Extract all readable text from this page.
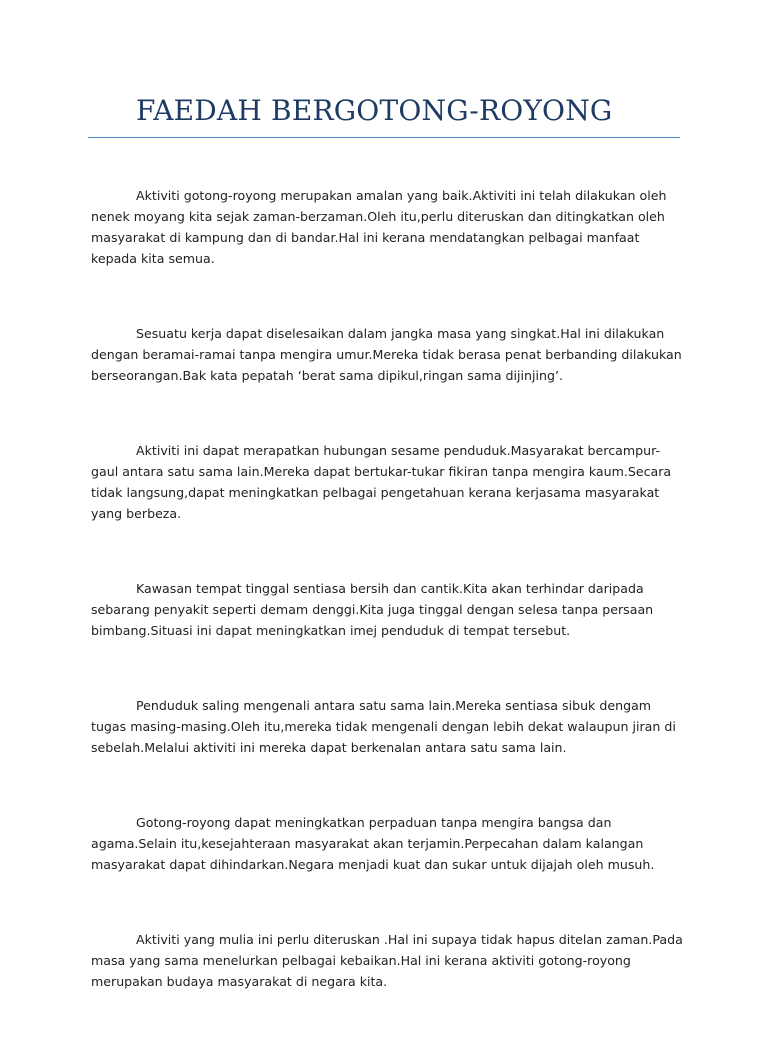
FAEDAH BERGOTONG-ROYONG

Aktiviti gotong-royong merupakan amalan yang baik.Aktiviti ini telah dilakukan oleh nenek moyang kita sejak zaman-berzaman.Oleh itu,perlu diteruskan dan ditingkatkan oleh masyarakat di kampung dan di bandar.Hal ini kerana mendatangkan pelbagai manfaat kepada kita semua.

Sesuatu kerja dapat diselesaikan dalam jangka masa yang singkat.Hal ini dilakukan dengan beramai-ramai tanpa mengira umur.Mereka tidak berasa penat berbanding dilakukan berseorangan.Bak kata pepatah ‘berat sama dipikul,ringan sama dijinjing’.

Aktiviti ini dapat merapatkan hubungan sesame penduduk.Masyarakat bercampur-gaul antara satu sama lain.Mereka dapat bertukar-tukar fikiran tanpa mengira kaum.Secara tidak langsung,dapat meningkatkan pelbagai pengetahuan kerana kerjasama masyarakat yang berbeza.

Kawasan tempat tinggal sentiasa bersih dan cantik.Kita akan terhindar daripada sebarang penyakit seperti demam denggi.Kita juga tinggal dengan selesa tanpa persaan bimbang.Situasi ini dapat meningkatkan imej penduduk di tempat tersebut.

Penduduk saling mengenali antara satu sama lain.Mereka sentiasa sibuk dengam tugas masing-masing.Oleh itu,mereka tidak mengenali dengan lebih dekat walaupun jiran di sebelah.Melalui aktiviti ini mereka dapat berkenalan antara satu sama lain.

Gotong-royong dapat meningkatkan perpaduan tanpa mengira bangsa dan agama.Selain itu,kesejahteraan masyarakat akan terjamin.Perpecahan dalam kalangan masyarakat dapat dihindarkan.Negara menjadi kuat dan sukar untuk dijajah oleh musuh.

Aktiviti yang mulia ini perlu diteruskan .Hal ini supaya tidak hapus ditelan zaman.Pada masa yang sama menelurkan pelbagai kebaikan.Hal ini kerana aktiviti gotong-royong merupakan budaya masyarakat di negara kita.
